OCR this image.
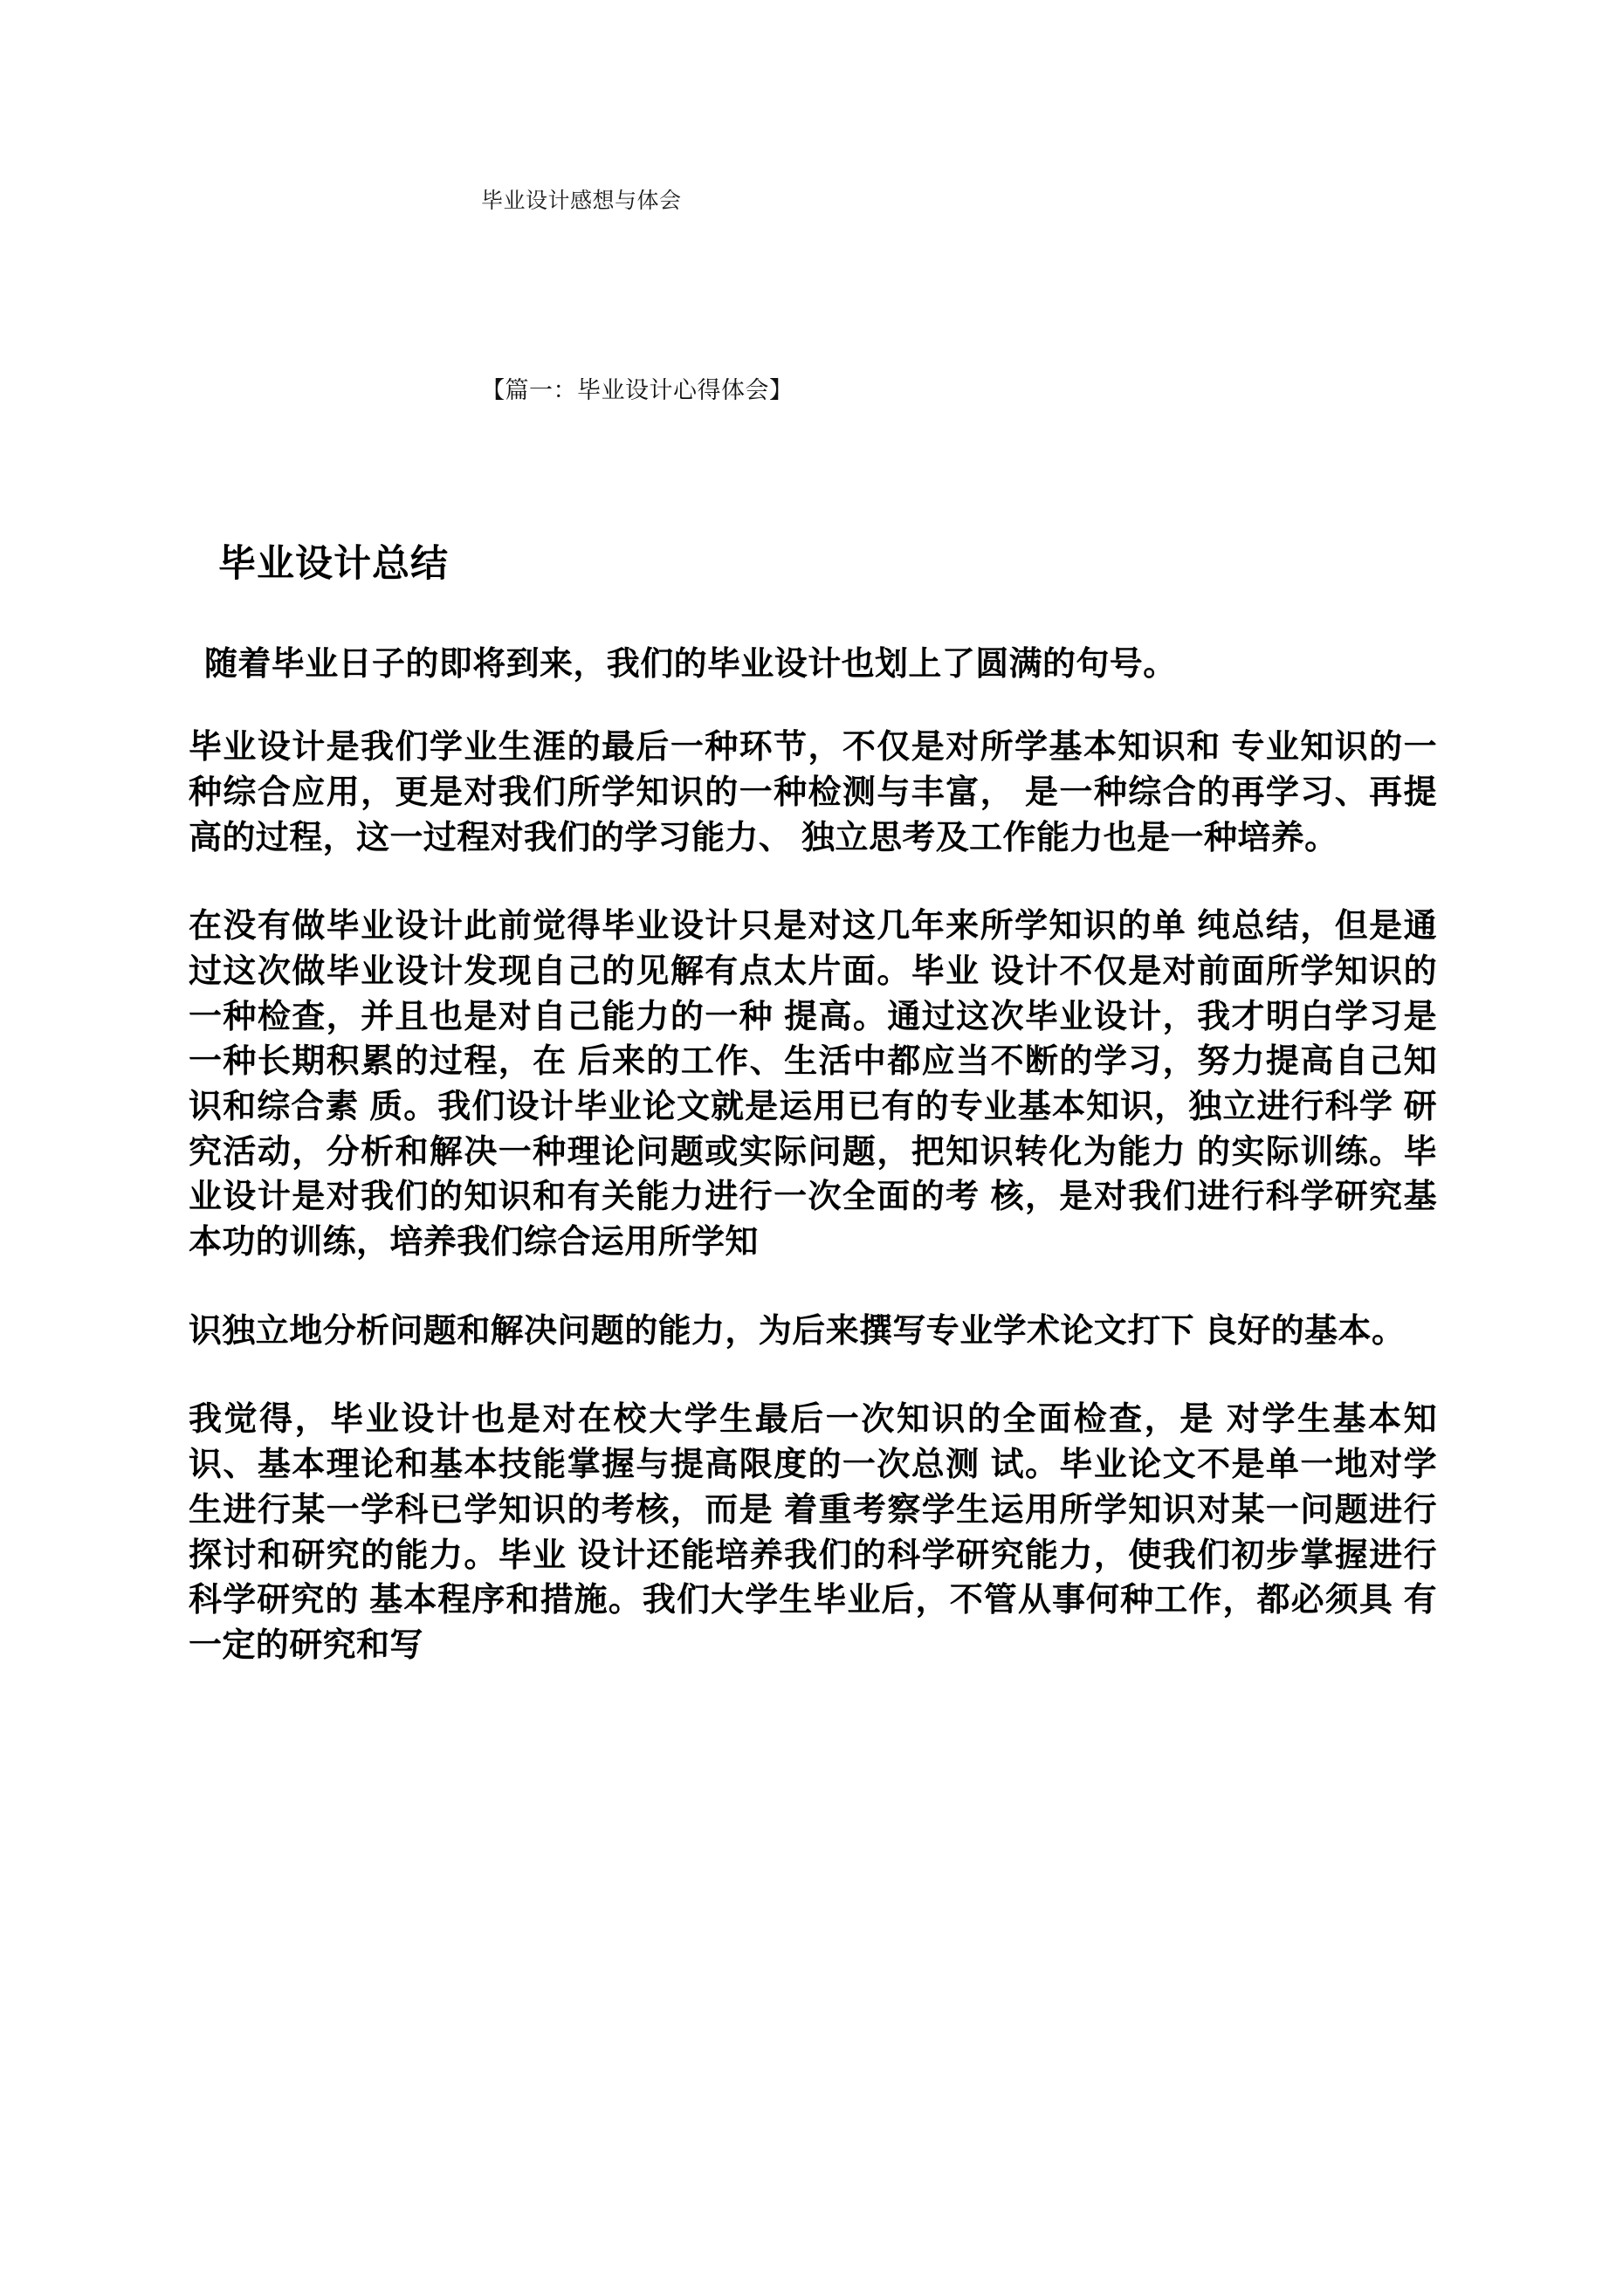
毕业设计感想与体会
【篇一：毕业设计心得体会】
毕业设计总结

随着毕业日子的即将到来，我们的毕业设计也划上了圆满的句号。

毕业设计是我们学业生涯的最后一种环节，不仅是对所学基本知识和 专业知识的一种综合应用，更是对我们所学知识的一种检测与丰富， 是一种综合的再学习、再提高的过程，这一过程对我们的学习能力、 独立思考及工作能力也是一种培养。

在没有做毕业设计此前觉得毕业设计只是对这几年来所学知识的单 纯总结，但是通过这次做毕业设计发现自己的见解有点太片面。毕业 设计不仅是对前面所学知识的一种检查，并且也是对自己能力的一种 提高。通过这次毕业设计，我才明白学习是一种长期积累的过程，在 后来的工作、生活中都应当不断的学习，努力提高自己知识和综合素 质。我们设计毕业论文就是运用已有的专业基本知识，独立进行科学 研究活动，分析和解决一种理论问题或实际问题，把知识转化为能力 的实际训练。毕业设计是对我们的知识和有关能力进行一次全面的考 核，是对我们进行科学研究基本功的训练，培养我们综合运用所学知

识独立地分析问题和解决问题的能力，为后来撰写专业学术论文打下 良好的基本。

我觉得，毕业设计也是对在校大学生最后一次知识的全面检查，是 对学生基本知识、基本理论和基本技能掌握与提高限度的一次总测 试。毕业论文不是单一地对学生进行某一学科已学知识的考核，而是 着重考察学生运用所学知识对某一问题进行探讨和研究的能力。毕业 设计还能培养我们的科学研究能力，使我们初步掌握进行科学研究的 基本程序和措施。我们大学生毕业后，不管从事何种工作，都必须具 有一定的研究和写
